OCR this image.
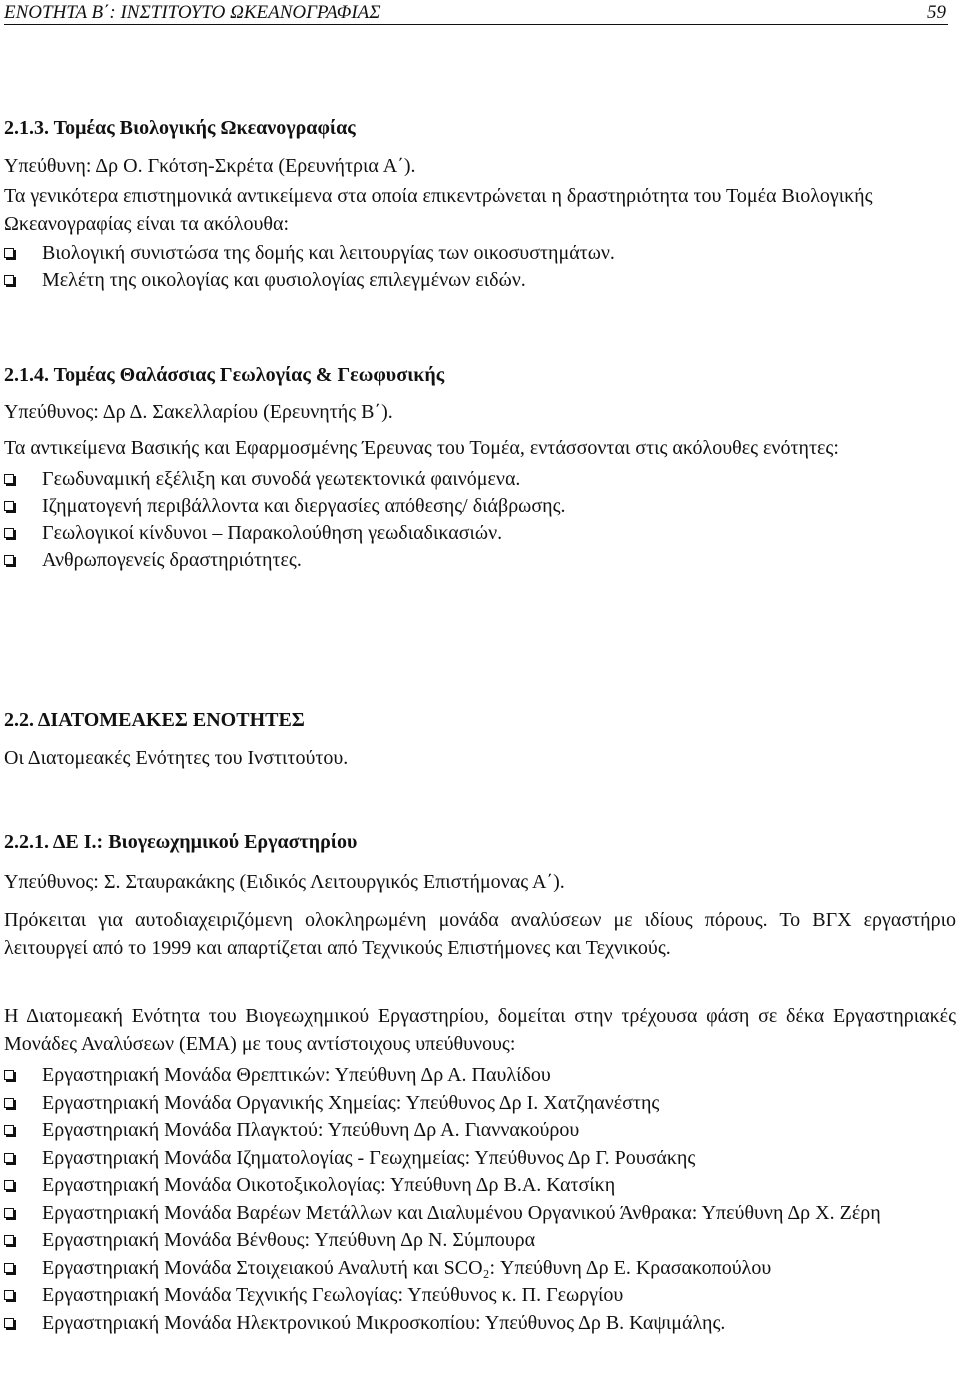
ΕΝΟΤΗΤΑ Β΄: ΙΝΣΤΙΤΟΥΤΟ ΩΚΕΑΝΟΓΡΑΦΙΑΣ	59
2.1.3. Τομέας Βιολογικής Ωκεανογραφίας

Υπεύθυνη: Δρ Ο. Γκότση-Σκρέτα (Ερευνήτρια Α΄).

Τα γενικότερα επιστημονικά αντικείμενα στα οποία επικεντρώνεται η δραστηριότητα του Τομέα Βιολογικής Ωκεανογραφίας είναι τα ακόλουθα:

Βιολογική συνιστώσα της δομής και λειτουργίας των οικοσυστημάτων.
Μελέτη της οικολογίας και φυσιολογίας επιλεγμένων ειδών.
2.1.4. Τομέας Θαλάσσιας Γεωλογίας & Γεωφυσικής

Υπεύθυνος: Δρ Δ. Σακελλαρίου (Ερευνητής Β΄).

Τα αντικείμενα Βασικής και Εφαρμοσμένης Έρευνας του Τομέα, εντάσσονται στις ακόλουθες ενότητες:

Γεωδυναμική εξέλιξη και συνοδά γεωτεκτονικά φαινόμενα.
Ιζηματογενή περιβάλλοντα και διεργασίες απόθεσης/ διάβρωσης.
Γεωλογικοί κίνδυνοι – Παρακολούθηση γεωδιαδικασιών.
Ανθρωπογενείς δραστηριότητες.
2.2. ΔΙΑΤΟΜΕΑΚΕΣ ΕΝΟΤΗΤΕΣ

Οι Διατομεακές Ενότητες του Ινστιτούτου.

2.2.1. ΔΕ Ι.: Βιογεωχημικού Εργαστηρίου

Υπεύθυνος: Σ. Σταυρακάκης (Ειδικός Λειτουργικός Επιστήμονας Α΄).

Πρόκειται για αυτοδιαχειριζόμενη ολοκληρωμένη μονάδα αναλύσεων με ιδίους πόρους. Το ΒΓΧ εργαστήριο λειτουργεί από το 1999 και απαρτίζεται από Τεχνικούς Επιστήμονες και Τεχνικούς.

Η Διατομεακή Ενότητα του Βιογεωχημικού Εργαστηρίου, δομείται στην τρέχουσα φάση σε δέκα Εργαστηριακές Μονάδες Αναλύσεων (ΕΜΑ) με τους αντίστοιχους υπεύθυνους:

Εργαστηριακή Μονάδα Θρεπτικών: Υπεύθυνη Δρ Α. Παυλίδου
Εργαστηριακή Μονάδα Οργανικής Χημείας: Υπεύθυνος Δρ Ι. Χατζηανέστης
Εργαστηριακή Μονάδα Πλαγκτού: Υπεύθυνη Δρ Α. Γιαννακούρου
Εργαστηριακή Μονάδα Ιζηματολογίας - Γεωχημείας: Υπεύθυνος Δρ Γ. Ρουσάκης
Εργαστηριακή Μονάδα Οικοτοξικολογίας: Υπεύθυνη Δρ Β.Α. Κατσίκη
Εργαστηριακή Μονάδα Βαρέων Μετάλλων και Διαλυμένου Οργανικού Άνθρακα: Υπεύθυνη Δρ Χ. Ζέρη
Εργαστηριακή Μονάδα Βένθους: Υπεύθυνη Δρ Ν. Σύμπουρα
Εργαστηριακή Μονάδα Στοιχειακού Αναλυτή και SCO₂: Υπεύθυνη Δρ Ε. Κρασακοπούλου
Εργαστηριακή Μονάδα Τεχνικής Γεωλογίας: Υπεύθυνος κ. Π. Γεωργίου
Εργαστηριακή Μονάδα Ηλεκτρονικού Μικροσκοπίου: Υπεύθυνος Δρ Β. Καψιμάλης.
